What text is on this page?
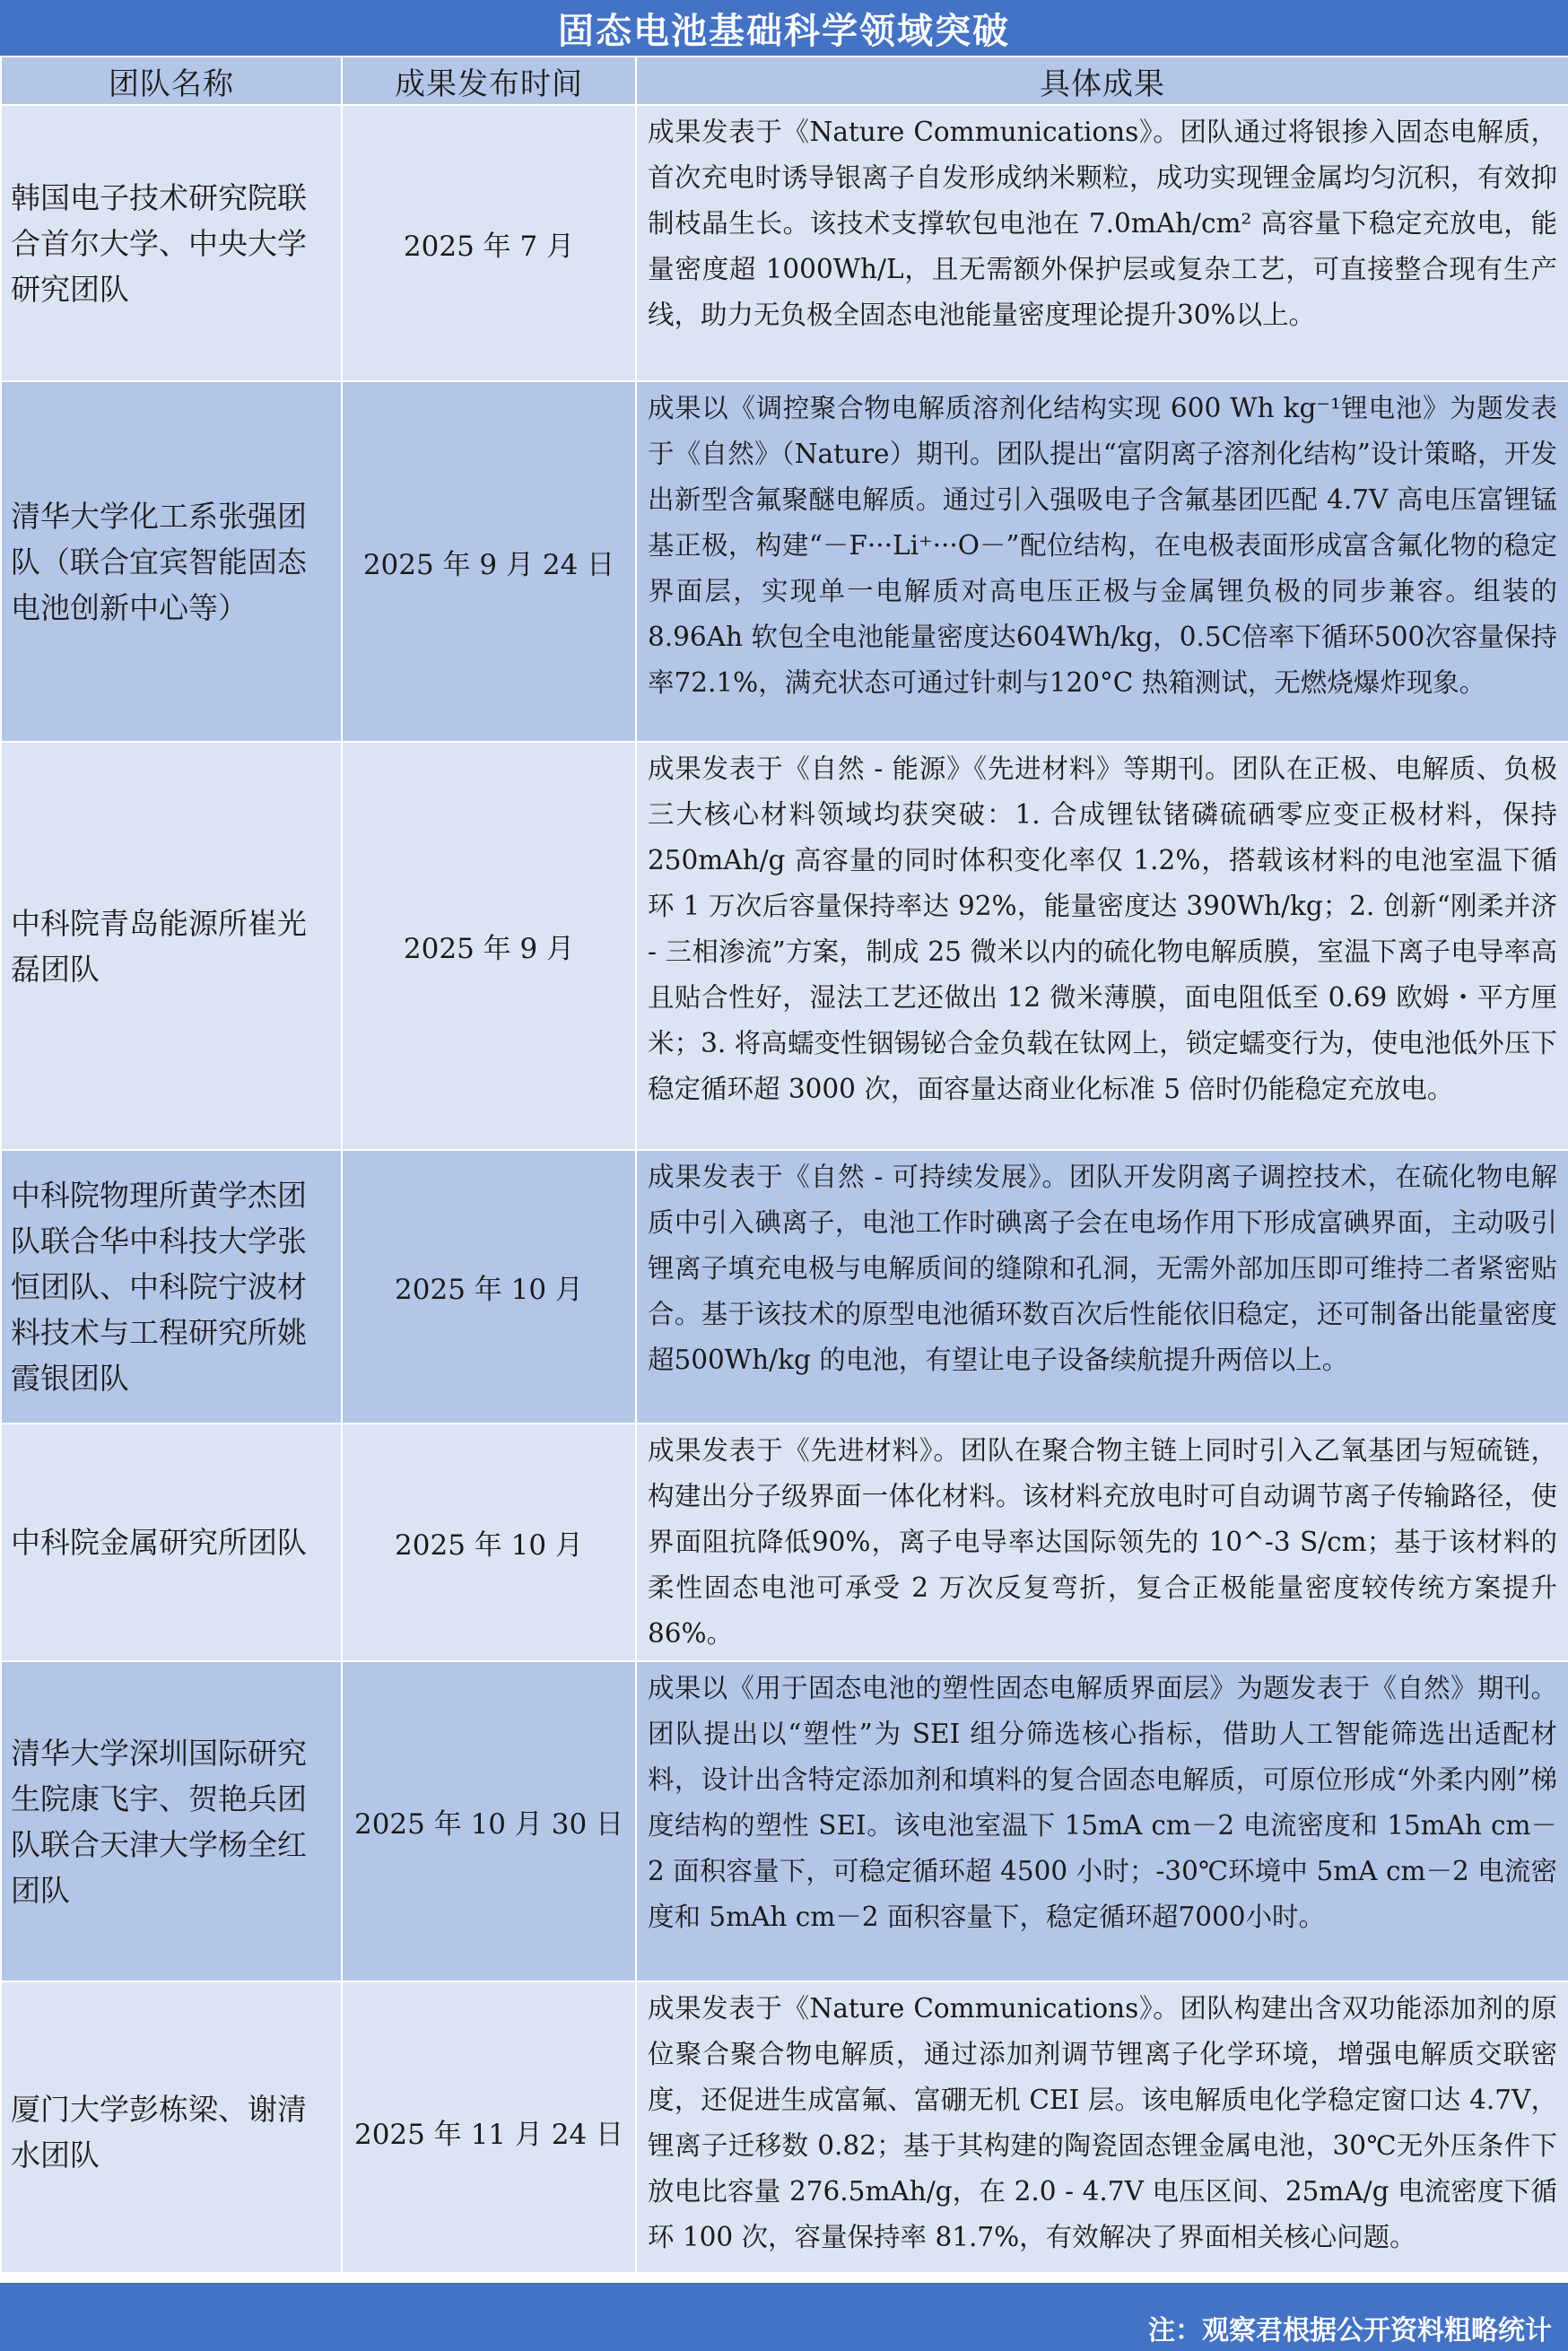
固态电池基础科学领域突破
团队名称	成果发布时间	具体成果
韩国电子技术研究院联合首尔大学、中央大学研究团队	2025 年 7 月	成果发表于《Nature Communications》。团队通过将银掺入固态电解质，首次充电时诱导银离子自发形成纳米颗粒，成功实现锂金属均匀沉积，有效抑制枝晶生长。该技术支撑软包电池在 7.0mAh/cm² 高容量下稳定充放电，能量密度超 1000Wh/L，且无需额外保护层或复杂工艺，可直接整合现有生产线，助力无负极全固态电池能量密度理论提升30%以上。
清华大学化工系张强团队（联合宜宾智能固态电池创新中心等）	2025 年 9 月 24 日	成果以《调控聚合物电解质溶剂化结构实现 600 Wh kg⁻¹锂电池》为题发表于《自然》（Nature）期刊。团队提出“富阴离子溶剂化结构”设计策略，开发出新型含氟聚醚电解质。通过引入强吸电子含氟基团匹配 4.7V 高电压富锂锰基正极，构建“－F···Li⁺···O－”配位结构，在电极表面形成富含氟化物的稳定界面层，实现单一电解质对高电压正极与金属锂负极的同步兼容。组装的 8.96Ah 软包全电池能量密度达604Wh/kg，0.5C倍率下循环500次容量保持率72.1%，满充状态可通过针刺与120°C 热箱测试，无燃烧爆炸现象。
中科院青岛能源所崔光磊团队	2025 年 9 月	成果发表于《自然 - 能源》《先进材料》等期刊。团队在正极、电解质、负极三大核心材料领域均获突破：1. 合成锂钛锗磷硫硒零应变正极材料，保持 250mAh/g 高容量的同时体积变化率仅 1.2%，搭载该材料的电池室温下循环 1 万次后容量保持率达 92%，能量密度达 390Wh/kg；2. 创新“刚柔并济 - 三相渗流”方案，制成 25 微米以内的硫化物电解质膜，室温下离子电导率高且贴合性好，湿法工艺还做出 12 微米薄膜，面电阻低至 0.69 欧姆・平方厘米；3. 将高蠕变性铟锡铋合金负载在钛网上，锁定蠕变行为，使电池低外压下稳定循环超 3000 次，面容量达商业化标准 5 倍时仍能稳定充放电。
中科院物理所黄学杰团队联合华中科技大学张恒团队、中科院宁波材料技术与工程研究所姚霞银团队	2025 年 10 月	成果发表于《自然 - 可持续发展》。团队开发阴离子调控技术，在硫化物电解质中引入碘离子，电池工作时碘离子会在电场作用下形成富碘界面，主动吸引锂离子填充电极与电解质间的缝隙和孔洞，无需外部加压即可维持二者紧密贴合。基于该技术的原型电池循环数百次后性能依旧稳定，还可制备出能量密度超500Wh/kg 的电池，有望让电子设备续航提升两倍以上。
中科院金属研究所团队	2025 年 10 月	成果发表于《先进材料》。团队在聚合物主链上同时引入乙氧基团与短硫链，构建出分子级界面一体化材料。该材料充放电时可自动调节离子传输路径，使界面阻抗降低90%，离子电导率达国际领先的 10^-3 S/cm；基于该材料的柔性固态电池可承受 2 万次反复弯折，复合正极能量密度较传统方案提升86%。
清华大学深圳国际研究生院康飞宇、贺艳兵团队联合天津大学杨全红团队	2025 年 10 月 30 日	成果以《用于固态电池的塑性固态电解质界面层》为题发表于《自然》期刊。团队提出以“塑性”为 SEI 组分筛选核心指标，借助人工智能筛选出适配材料，设计出含特定添加剂和填料的复合固态电解质，可原位形成“外柔内刚”梯度结构的塑性 SEI。该电池室温下 15mA cm－2 电流密度和 15mAh cm－2 面积容量下，可稳定循环超 4500 小时；-30℃环境中 5mA cm－2 电流密度和 5mAh cm－2 面积容量下，稳定循环超7000小时。
厦门大学彭栋梁、谢清水团队	2025 年 11 月 24 日	成果发表于《Nature Communications》。团队构建出含双功能添加剂的原位聚合聚合物电解质，通过添加剂调节锂离子化学环境，增强电解质交联密度，还促进生成富氟、富硼无机 CEI 层。该电解质电化学稳定窗口达 4.7V，锂离子迁移数 0.82；基于其构建的陶瓷固态锂金属电池，30℃无外压条件下放电比容量 276.5mAh/g，在 2.0 - 4.7V 电压区间、25mA/g 电流密度下循环 100 次，容量保持率 81.7%，有效解决了界面相关核心问题。
注：观察君根据公开资料粗略统计
